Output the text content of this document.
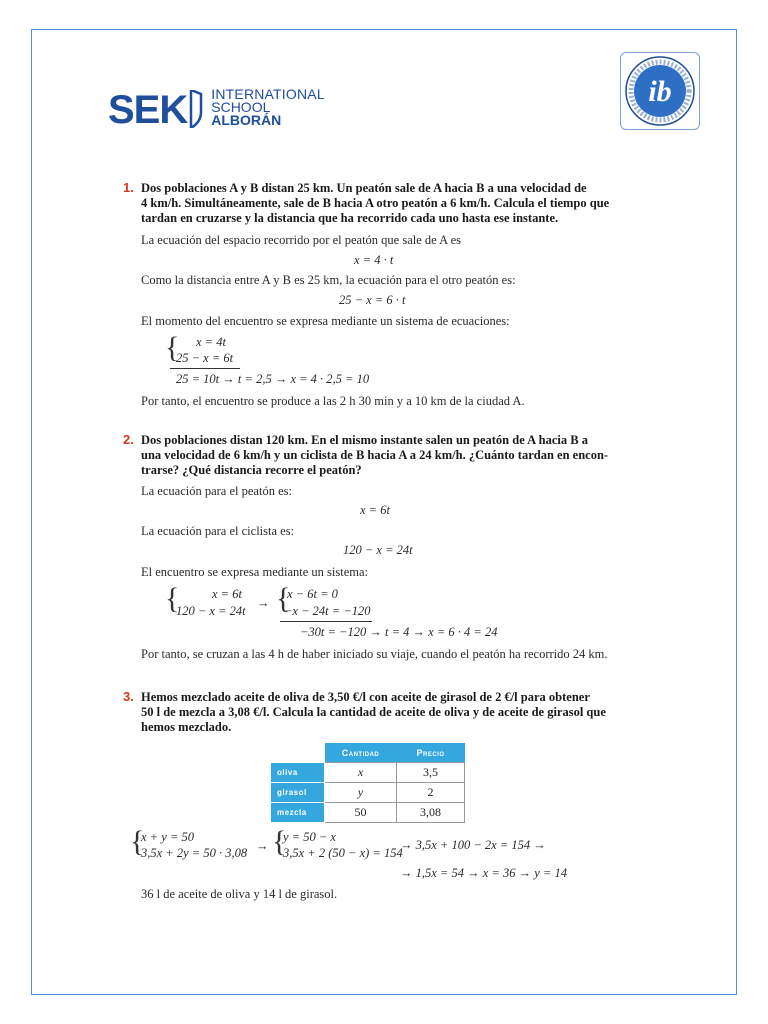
SEK INTERNATIONAL
SCHOOL
ALBORÁN
ib
1. Dos poblaciones A y B distan 25 km. Un peatón sale de A hacia B a una velocidad de
4 km/h. Simultáneamente, sale de B hacia A otro peatón a 6 km/h. Calcula el tiempo que
tardan en cruzarse y la distancia que ha recorrido cada uno hasta ese instante.
La ecuación del espacio recorrido por el peatón que sale de A es
x = 4 · t
Como la distancia entre A y B es 25 km, la ecuación para el otro peatón es:
25 − x = 6 · t
El momento del encuentro se expresa mediante un sistema de ecuaciones:
{ x = 4t
25 − x = 6t
25 = 10t → t = 2,5 → x = 4 · 2,5 = 10
Por tanto, el encuentro se produce a las 2 h 30 min y a 10 km de la ciudad A.
2. Dos poblaciones distan 120 km. En el mismo instante salen un peatón de A hacia B a
una velocidad de 6 km/h y un ciclista de B hacia A a 24 km/h. ¿Cuánto tardan en encon-
trarse? ¿Qué distancia recorre el peatón?
La ecuación para el peatón es:
x = 6t
La ecuación para el ciclista es:
120 − x = 24t
El encuentro se expresa mediante un sistema:
{	x = 6t
120 − x = 24t
→ {
x − 6t = 0
−x − 24t = −120
−30t = −120 → t = 4 → x = 6 · 4 = 24
Por tanto, se cruzan a las 4 h de haber iniciado su viaje, cuando el peatón ha recorrido 24 km.
3. Hemos mezclado aceite de oliva de 3,50 €/l con aceite de girasol de 2 €/l para obtener
50 l de mezcla a 3,08 €/l. Calcula la cantidad de aceite de oliva y de aceite de girasol que
hemos mezclado.
	Cantidad	Precio
oliva	x	3,5
girasol	y	2
mezcla	50	3,08
{
x + y = 50
3,5x + 2y = 50 · 3,08 → {
y = 50 − x
3,5x + 2 (50 − x) = 154
→ 3,5x + 100 − 2x = 154 →
→ 1,5x = 54 → x = 36 → y = 14
36 l de aceite de oliva y 14 l de girasol.
